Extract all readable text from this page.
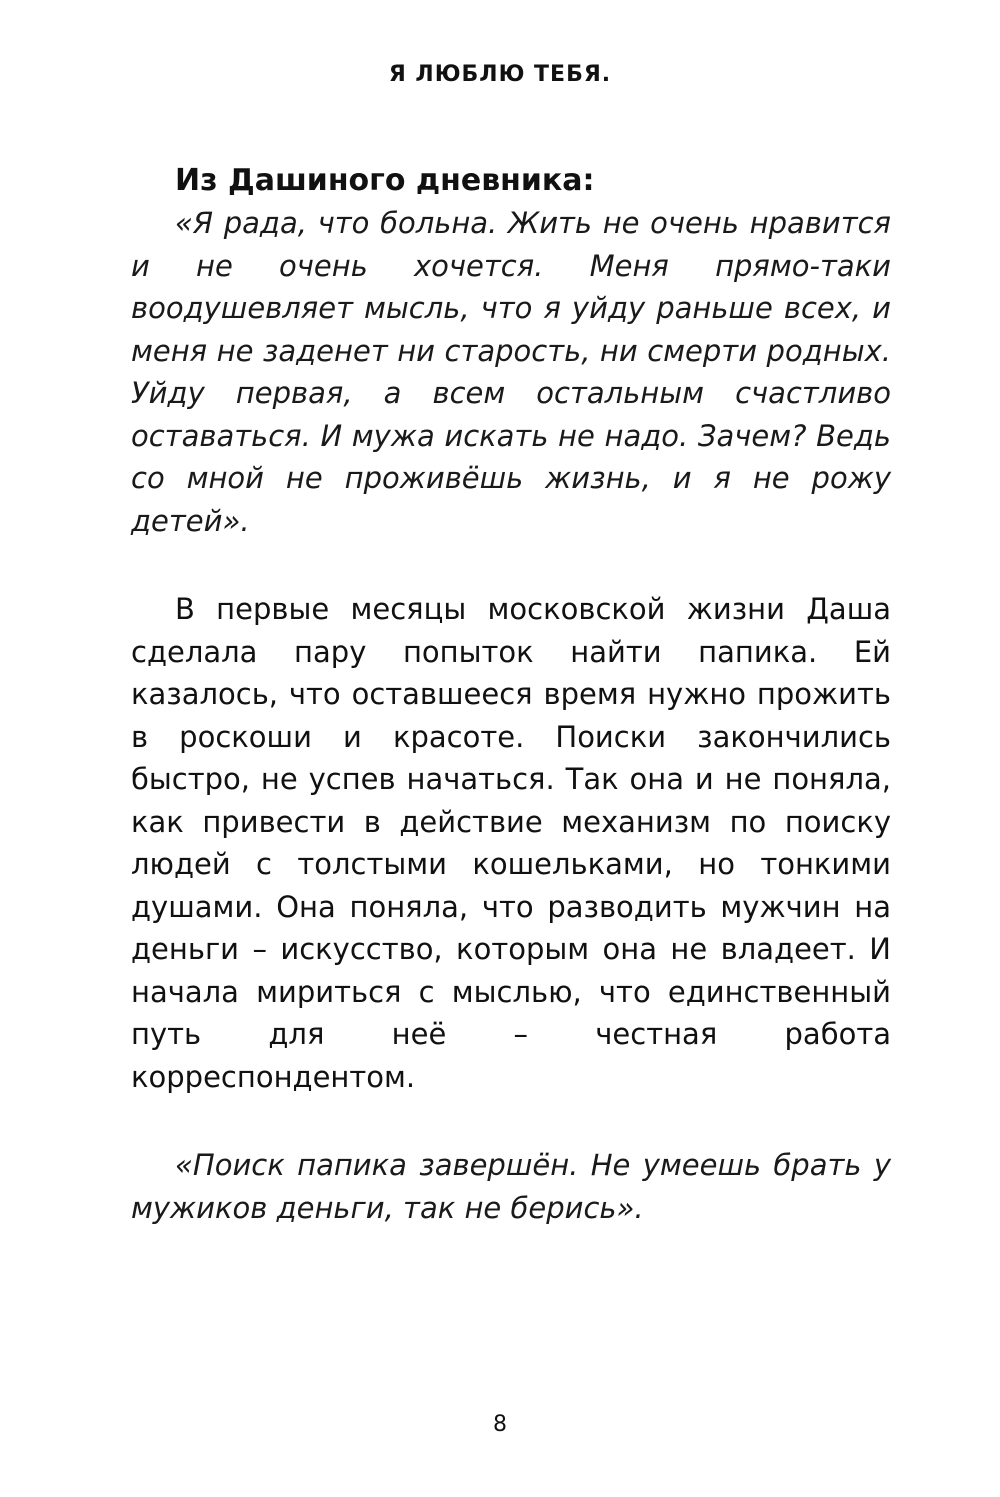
Я ЛЮБЛЮ ТЕБЯ.

Из Дашиного дневника:

«Я рада, что больна. Жить не очень нравится и не очень хочется. Меня прямо-таки воодушевляет мысль, что я уйду раньше всех, и меня не заденет ни старость, ни смерти родных. Уйду первая, а всем остальным счастливо оставаться. И мужа искать не надо. Зачем? Ведь со мной не проживёшь жизнь, и я не рожу детей».

В первые месяцы московской жизни Даша сделала пару попыток найти папика. Ей казалось, что оставшееся время нужно прожить в роскоши и красоте. Поиски закончились быстро, не успев начаться. Так она и не поняла, как привести в действие механизм по поиску людей с толстыми кошельками, но тонкими душами. Она поняла, что разводить мужчин на деньги – искусство, которым она не владеет. И начала мириться с мыслью, что единственный путь для неё – честная работа корреспондентом.

«Поиск папика завершён. Не умеешь брать у мужиков деньги, так не берись».

8
